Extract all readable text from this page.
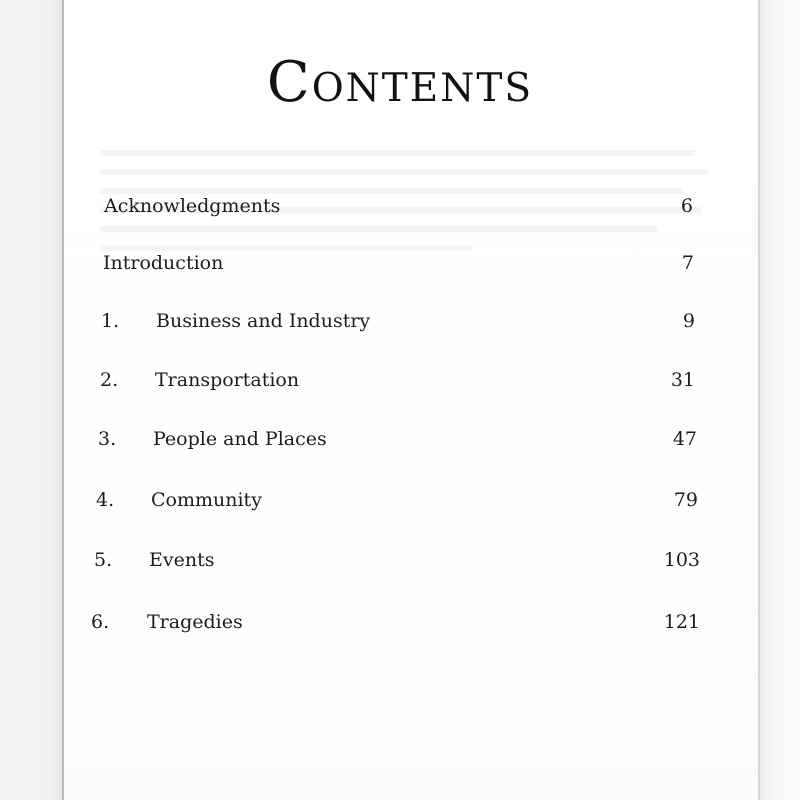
Contents
Acknowledgments	6
Introduction	7
1. Business and Industry	9
2. Transportation	31
3. People and Places	47
4. Community	79
5. Events	103
6. Tragedies	121
